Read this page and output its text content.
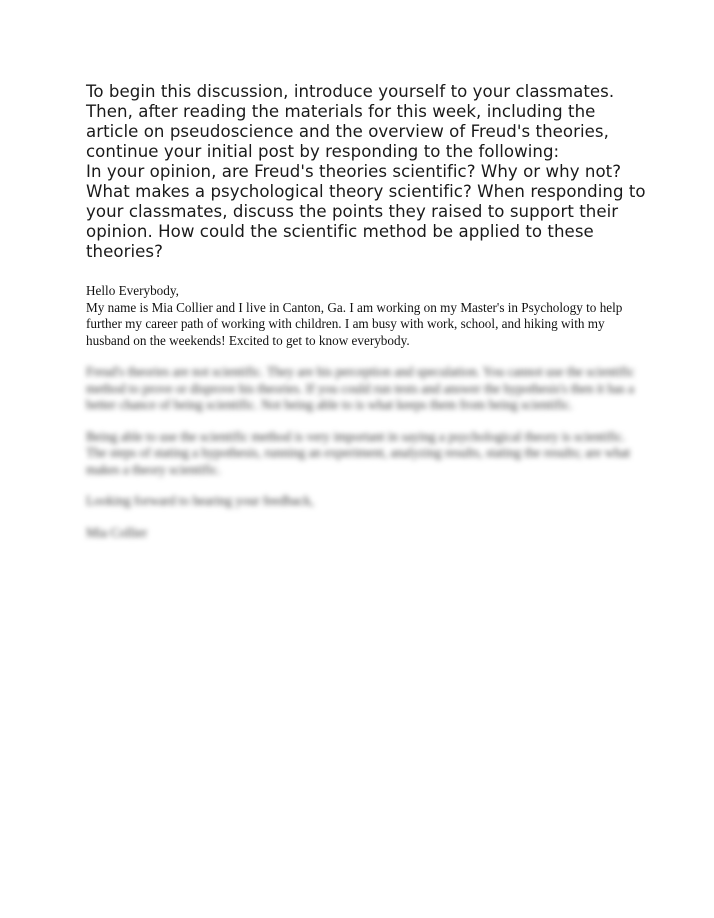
To begin this discussion, introduce yourself to your classmates. Then, after reading the materials for this week, including the article on pseudoscience and the overview of Freud's theories, continue your initial post by responding to the following:

In your opinion, are Freud's theories scientific? Why or why not? What makes a psychological theory scientific? When responding to your classmates, discuss the points they raised to support their opinion. How could the scientific method be applied to these theories?

Hello Everybody,

My name is Mia Collier and I live in Canton, Ga. I am working on my Master's in Psychology to help further my career path of working with children. I am busy with work, school, and hiking with my husband on the weekends! Excited to get to know everybody.

Freud's theories are not scientific. They are his perception and speculation. You cannot use the scientific method to prove or disprove his theories. If you could run tests and answer the hypothesis's then it has a better chance of being scientific. Not being able to is what keeps them from being scientific.

Being able to use the scientific method is very important in saying a psychological theory is scientific. The steps of stating a hypothesis, running an experiment, analyzing results, stating the results; are what makes a theory scientific.

Looking forward to hearing your feedback,

Mia Collier
